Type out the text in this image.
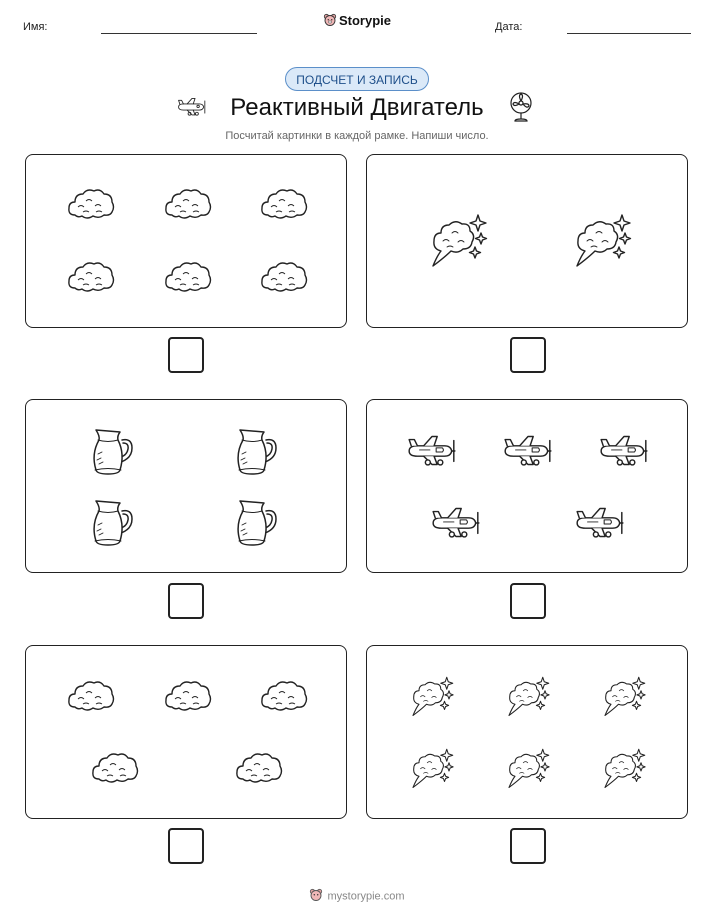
Имя:	Storypie	Дата:
ПОДСЧЕТ И ЗАПИСЬ
Реактивный Двигатель
Посчитай картинки в каждой рамке. Напиши число.
mystorypie.com
